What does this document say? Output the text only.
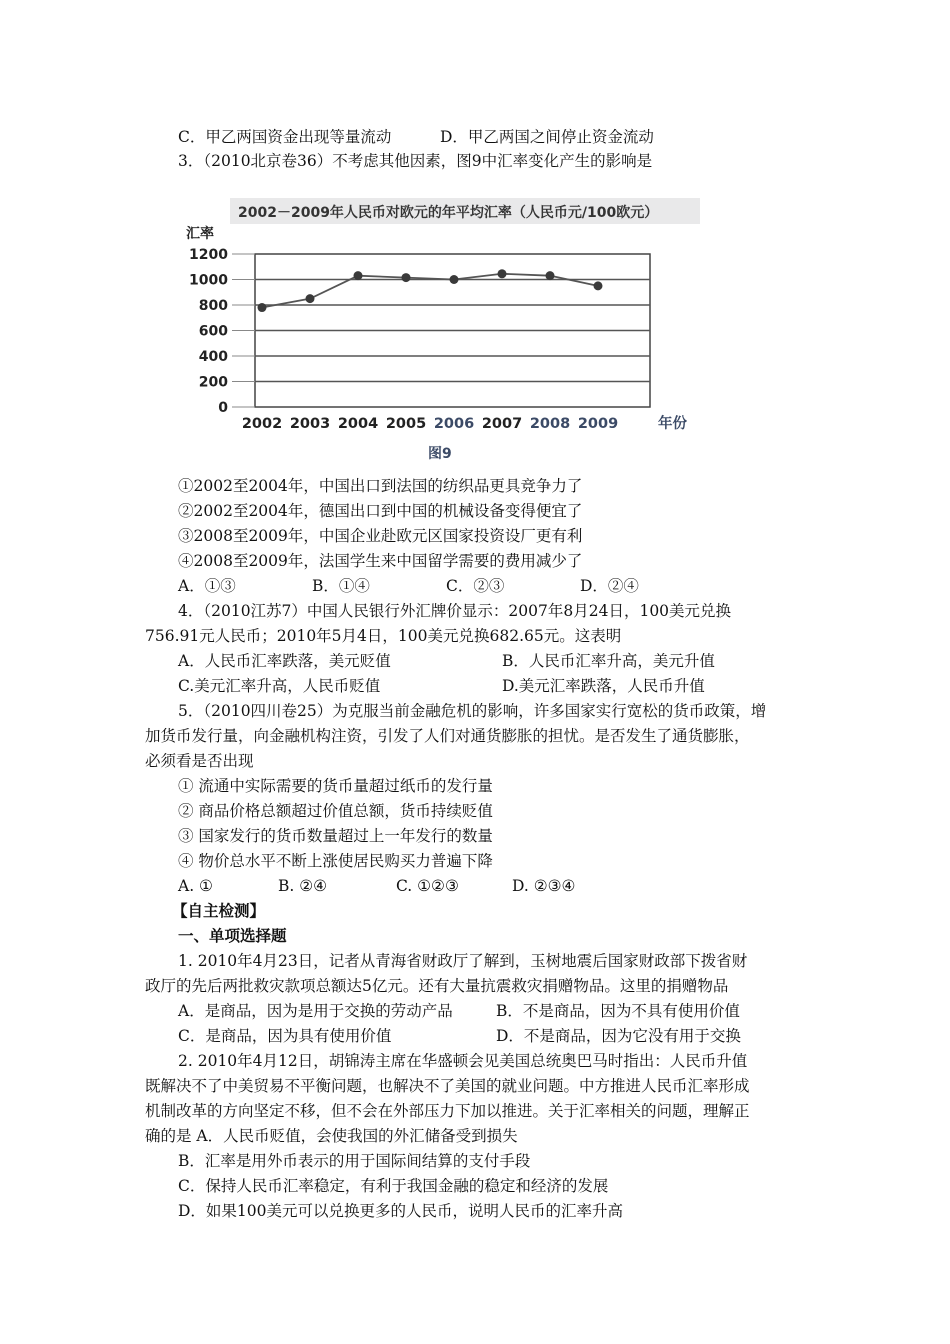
C．甲乙两国资金出现等量流动	D．甲乙两国之间停止资金流动
3．（2010北京卷36）不考虑其他因素，图9中汇率变化产生的影响是
①2002至2004年，中国出口到法国的纺织品更具竞争力了
②2002至2004年，德国出口到中国的机械设备变得便宜了
③2008至2009年，中国企业赴欧元区国家投资设厂更有利
④2008至2009年，法国学生来中国留学需要的费用减少了
A．①③	B．①④	C．②③	D．②④
4．（2010江苏7）中国人民银行外汇牌价显示：2007年8月24日，100美元兑换
756.91元人民币；2010年5月4日，100美元兑换682.65元。这表明
A．人民币汇率跌落，美元贬值	B．人民币汇率升高，美元升值
C.美元汇率升高，人民币贬值	D.美元汇率跌落，人民币升值
5．（2010四川卷25）为克服当前金融危机的影响，许多国家实行宽松的货币政策，增
加货币发行量，向金融机构注资，引发了人们对通货膨胀的担忧。是否发生了通货膨胀，
必须看是否出现
① 流通中实际需要的货币量超过纸币的发行量
② 商品价格总额超过价值总额，货币持续贬值
③ 国家发行的货币数量超过上一年发行的数量
④ 物价总水平不断上涨使居民购买力普遍下降
A. ①	B. ②④	C. ①②③	D. ②③④
【自主检测】
一、单项选择题
1. 2010年4月23日，记者从青海省财政厅了解到，玉树地震后国家财政部下拨省财
政厅的先后两批救灾款项总额达5亿元。还有大量抗震救灾捐赠物品。这里的捐赠物品
A．是商品，因为是用于交换的劳动产品	B．不是商品，因为不具有使用价值
C．是商品，因为具有使用价值	D．不是商品，因为它没有用于交换
2. 2010年4月12日，胡锦涛主席在华盛顿会见美国总统奥巴马时指出：人民币升值
既解决不了中美贸易不平衡问题，也解决不了美国的就业问题。中方推进人民币汇率形成
机制改革的方向坚定不移，但不会在外部压力下加以推进。关于汇率相关的问题，理解正
确的是 A．人民币贬值，会使我国的外汇储备受到损失
B．汇率是用外币表示的用于国际间结算的支付手段
C．保持人民币汇率稳定，有利于我国金融的稳定和经济的发展
D．如果100美元可以兑换更多的人民币，说明人民币的汇率升高
2002－2009年人民币对欧元的年平均汇率（人民币元/100欧元）
汇率
年份
图9
1200
1000
800
600
400
200
0
2002 2003 2004 2005 2006 2007 2008 2009
